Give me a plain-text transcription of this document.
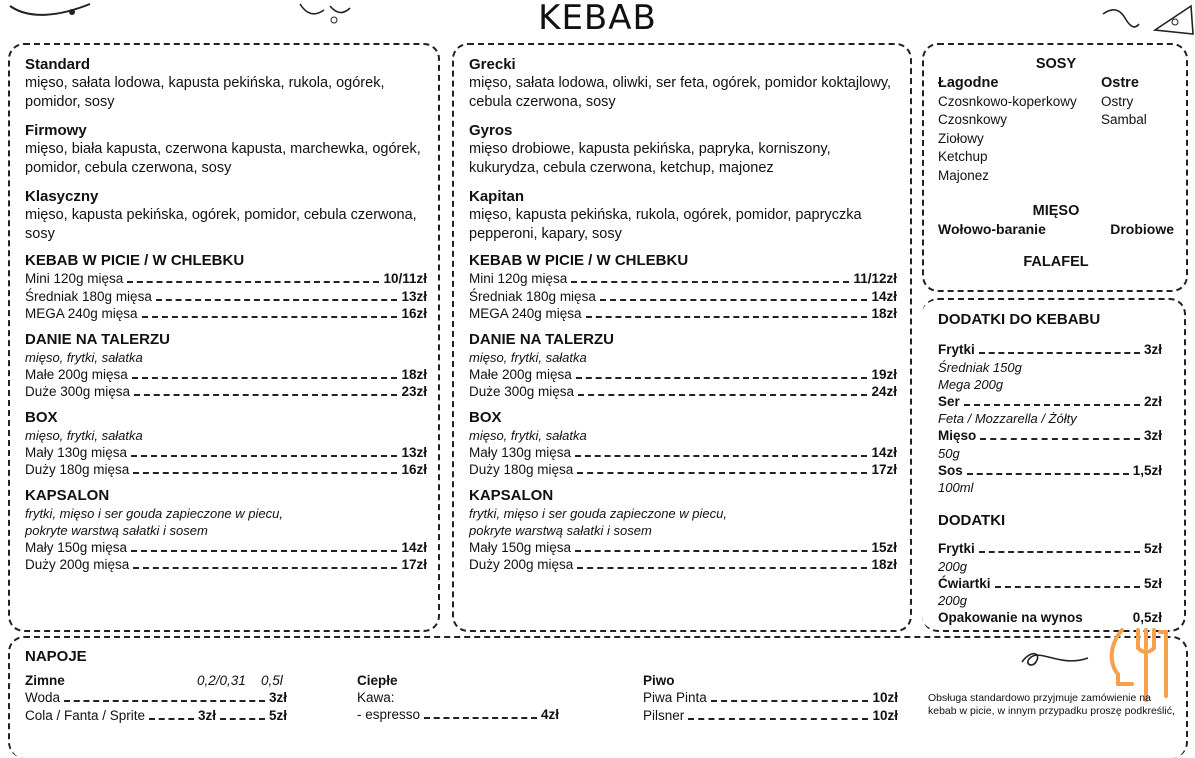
KEBAB

Standard

mięso, sałata lodowa, kapusta pekińska, rukola, ogórek, pomidor, sosy

Firmowy

mięso, biała kapusta, czerwona kapusta, marchewka, ogórek, pomidor, cebula czerwona, sosy

Klasyczny

mięso, kapusta pekińska, ogórek, pomidor, cebula czerwona, sosy

KEBAB W PICIE / W CHLEBKU

Mini 120g mięsa	10/11zł
Średniak 180g mięsa	13zł
MEGA 240g mięsa	16zł

DANIE NA TALERZU

mięso, frytki, sałatka

Małe 200g mięsa	18zł
Duże 300g mięsa	23zł

BOX

mięso, frytki, sałatka

Mały 130g mięsa	13zł
Duży 180g mięsa	16zł

KAPSALON

frytki, mięso i ser gouda zapieczone w piecu,

pokryte warstwą sałatki i sosem

Mały 150g mięsa	14zł
Duży 200g mięsa	17zł

Grecki

mięso, sałata lodowa, oliwki, ser feta, ogórek, pomidor koktajlowy, cebula czerwona, sosy

Gyros

mięso drobiowe, kapusta pekińska, papryka, korniszony, kukurydza, cebula czerwona, ketchup, majonez

Kapitan

mięso, kapusta pekińska, rukola, ogórek, pomidor, papryczka pepperoni, kapary, sosy

KEBAB W PICIE / W CHLEBKU

Mini 120g mięsa	11/12zł
Średniak 180g mięsa	14zł
MEGA 240g mięsa	18zł

DANIE NA TALERZU

mięso, frytki, sałatka

Małe 200g mięsa	19zł
Duże 300g mięsa	24zł

BOX

mięso, frytki, sałatka

Mały 130g mięsa	14zł
Duży 180g mięsa	17zł

KAPSALON

frytki, mięso i ser gouda zapieczone w piecu,

pokryte warstwą sałatki i sosem

Mały 150g mięsa	15zł
Duży 200g mięsa	18zł
SOSY
Łagodne
Czosnkowo-koperkowy
Czosnkowy
Ziołowy
Ketchup
Majonez
Ostre
Ostry
Sambal
MIĘSO
Wołowo-baranie	Drobiowe
FALAFEL
DODATKI DO KEBABU
Frytki	3zł
Średniak 150g
Mega 200g
Ser	2zł
Feta / Mozzarella / Żółty
Mięso	3zł
50g
Sos	1,5zł
100ml
DODATKI
Frytki	5zł
200g
Ćwiartki	5zł
200g
Opakowanie na wynos	0,5zł
NAPOJE
Zimne	0,2/0,31	0,5l
Woda	3zł
Cola / Fanta / Sprite	3zł	5zł
Ciepłe
Kawa:
- espresso	4zł
Piwo
Piwa Pinta	10zł
Pilsner	10zł
Obsługa standardowo przyjmuje zamówienie na
kebab w picie, w innym przypadku proszę podkreślić,
